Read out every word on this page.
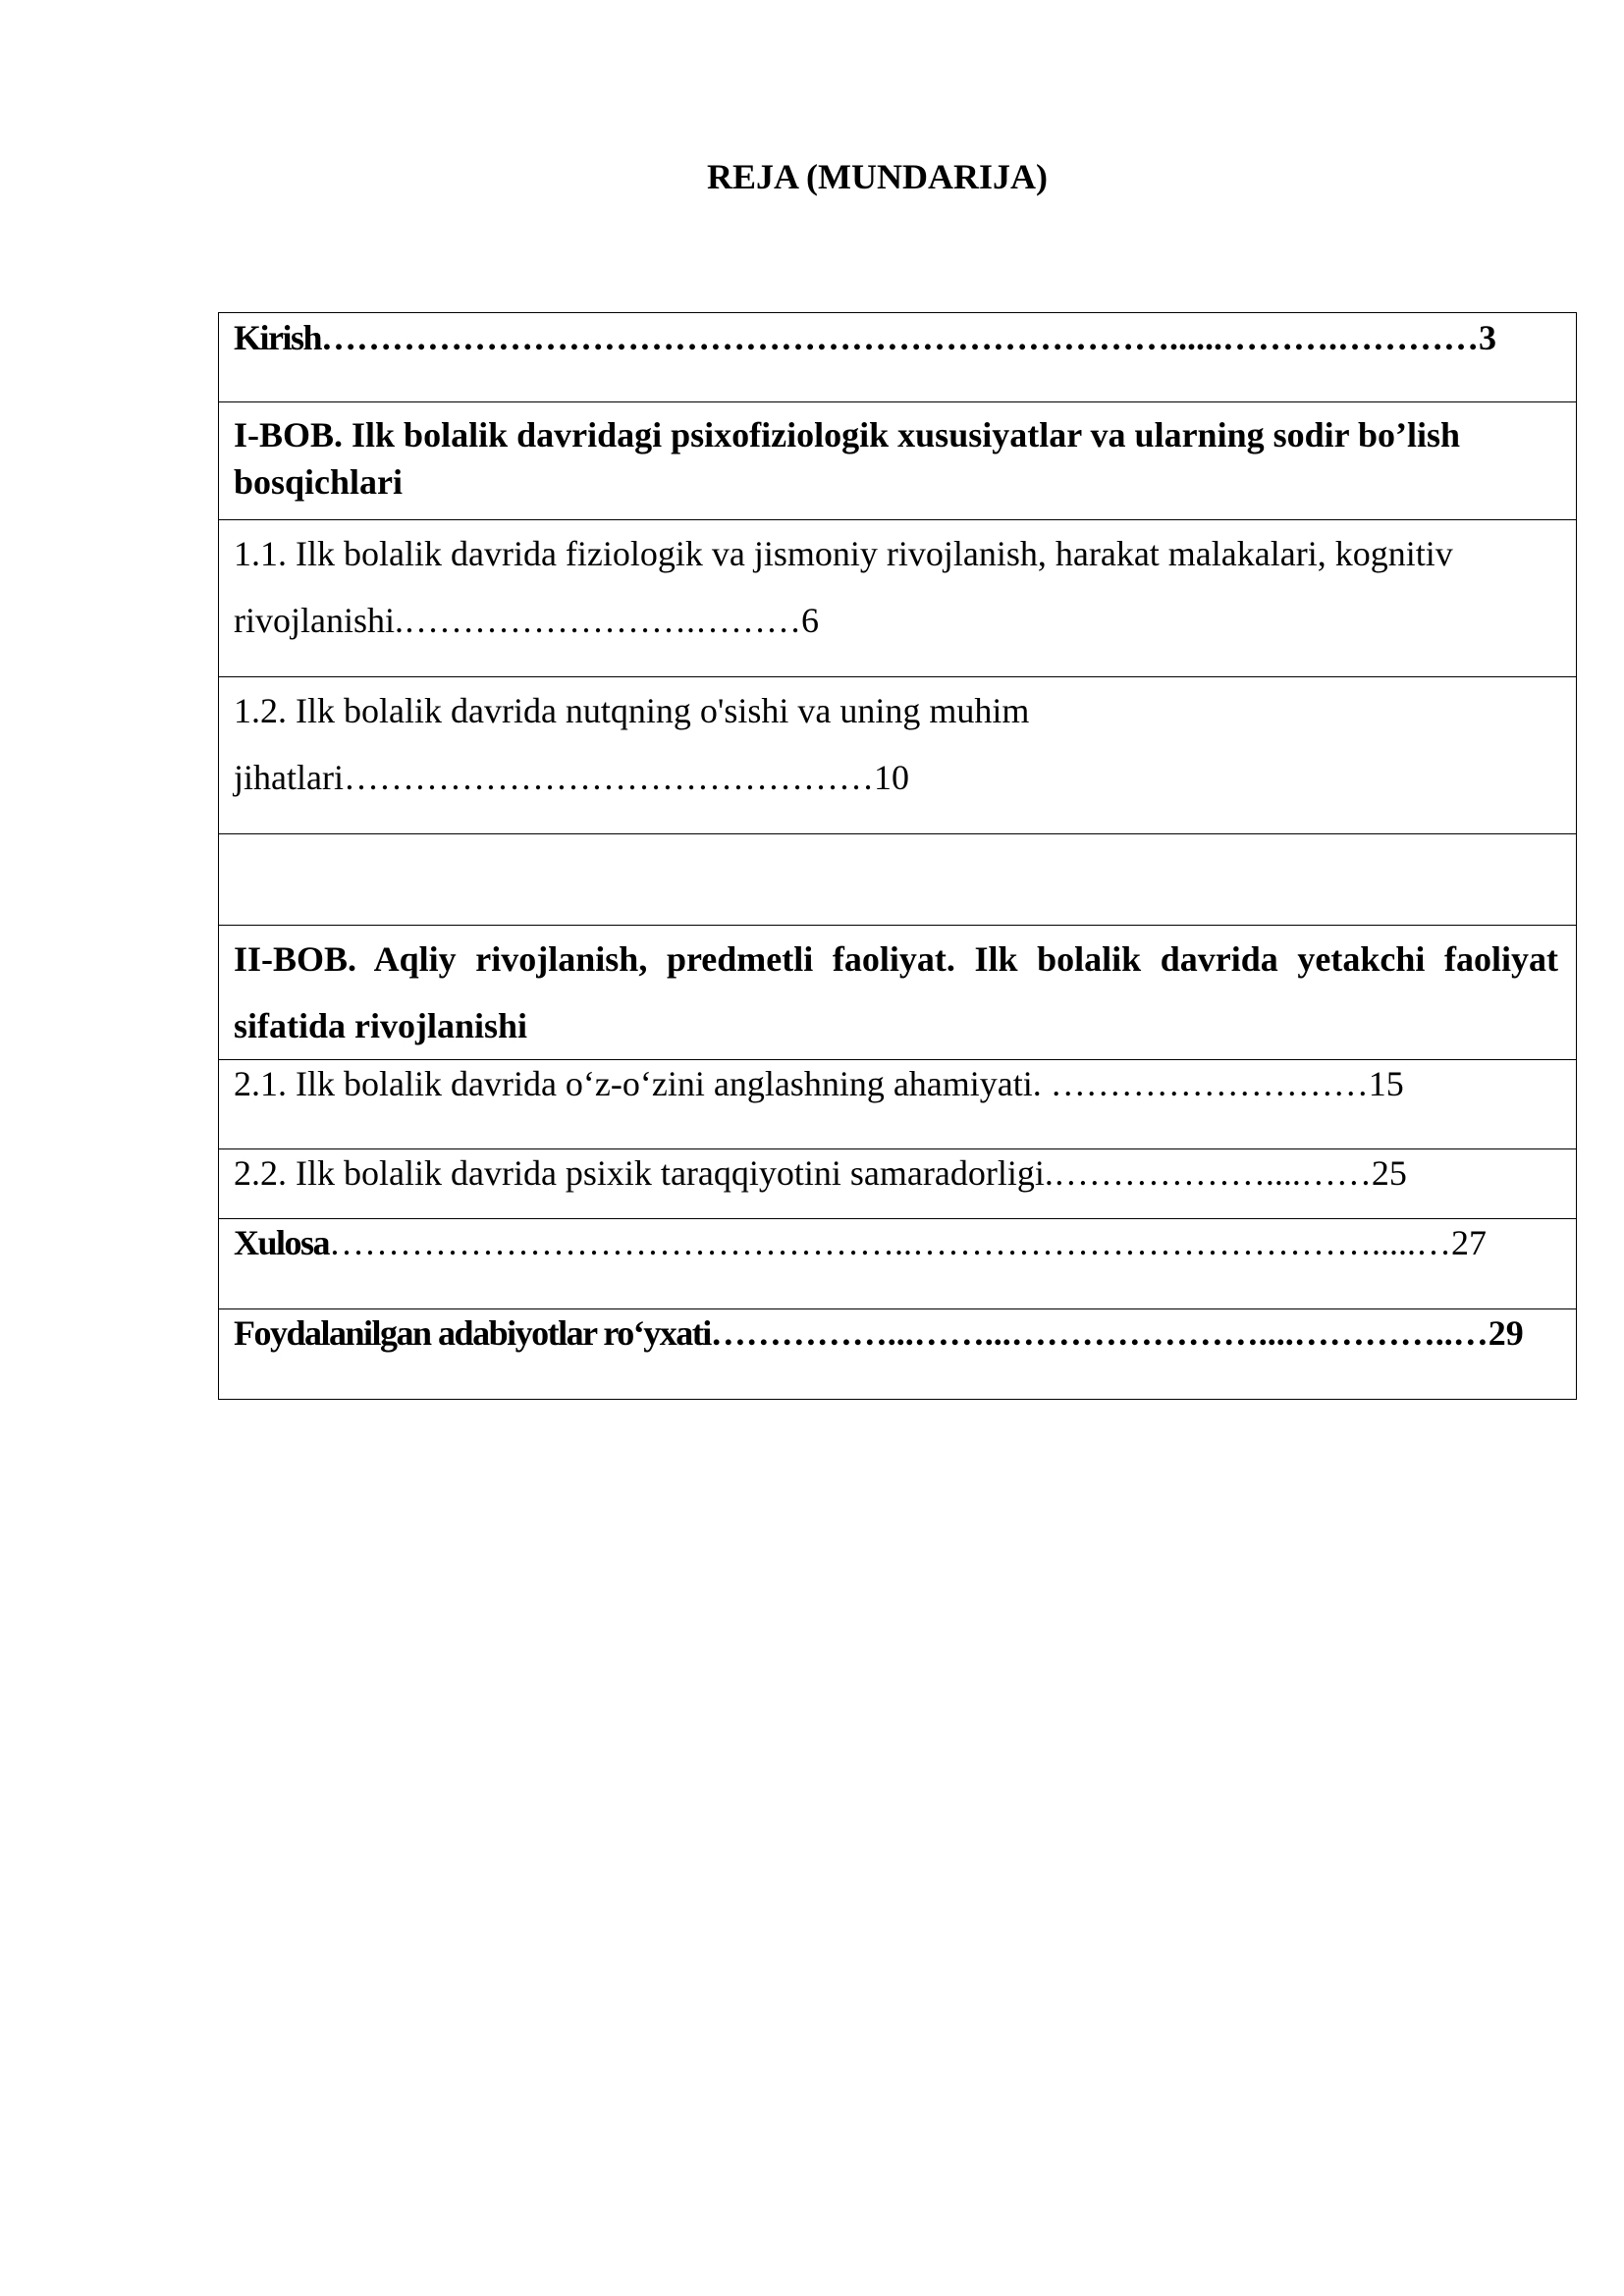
REJA (MUNDARIJA)
Kirish………………………………………………………………......……….…………3
I-BOB. Ilk bolalik davridagi psixofiziologik xususiyatlar va ularning sodir bo’lish bosqichlari

1.1. Ilk bolalik davrida fiziologik va jismoniy rivojlanish, harakat malakalari, kognitiv
rivojlanishi.…………………….………6

1.2. Ilk bolalik davrida nutqning o'sishi va uning muhim
jihatlari………………………………………10

II-BOB. Aqliy rivojlanish, predmetli faoliyat. Ilk bolalik davrida yetakchi faoliyat sifatida rivojlanishi
2.1. Ilk bolalik davrida o‘z-o‘zini anglashning ahamiyati. ………………………15
2.2. Ilk bolalik davrida psixik taraqqiyotini samaradorligi.………………....……25
Xulosa…………………………………………..………………………………….....…27
Foydalanilgan adabiyotlar ro‘yxati……………...……...…………………....…………..…29
